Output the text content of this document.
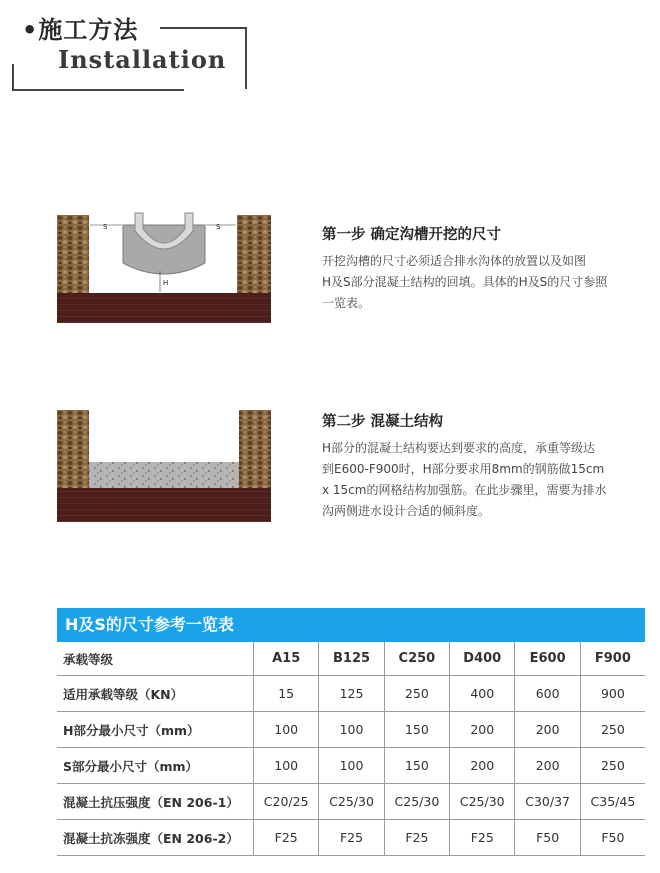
•施工方法
Installation
S	S
H
第一步 确定沟槽开挖的尺寸
开挖沟槽的尺寸必须适合排水沟体的放置以及如图
H及S部分混凝土结构的回填。具体的H及S的尺寸参照
一览表。
第二步 混凝土结构
H部分的混凝土结构要达到要求的高度，承重等级达
到E600-F900时，H部分要求用8mm的钢筋做15cm
x 15cm的网格结构加强筋。在此步骤里，需要为排水
沟两侧进水设计合适的倾斜度。
H及S的尺寸参考一览表
承载等级	A15	B125	C250	D400	E600	F900
适用承载等级（KN）	15	125	250	400	600	900
H部分最小尺寸（mm）	100	100	150	200	200	250
S部分最小尺寸（mm）	100	100	150	200	200	250
混凝土抗压强度（EN 206-1）	C20/25	C25/30	C25/30	C25/30	C30/37	C35/45
混凝土抗冻强度（EN 206-2）	F25	F25	F25	F25	F50	F50
